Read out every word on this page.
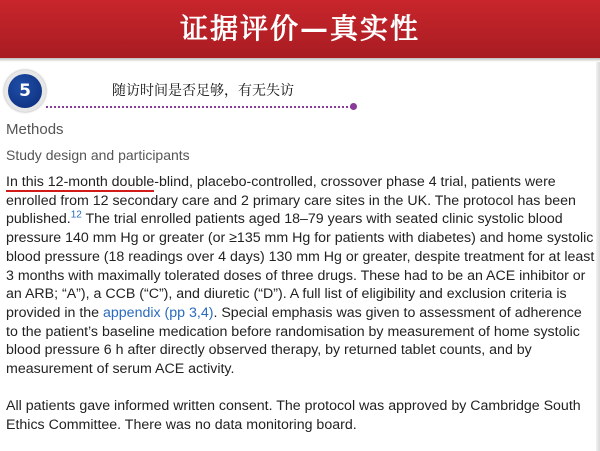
证据评价—真实性
5	随访时间是否足够，有无失访
Methods
Study design and participants

In this 12-month double-blind, placebo-controlled, crossover phase 4 trial, patients were enrolled from 12 secondary care and 2 primary care sites in the UK. The protocol has been published.$^{12}$ The trial enrolled patients aged 18–79 years with seated clinic systolic blood pressure 140 mm Hg or greater (or ≥135 mm Hg for patients with diabetes) and home systolic blood pressure (18 readings over 4 days) 130 mm Hg or greater, despite treatment for at least 3 months with maximally tolerated doses of three drugs. These had to be an ACE inhibitor or an ARB; “A”), a CCB (“C”), and diuretic (“D”). A full list of eligibility and exclusion criteria is provided in the appendix (pp 3,4). Special emphasis was given to assessment of adherence to the patient’s baseline medication before randomisation by measurement of home systolic blood pressure 6 h after directly observed therapy, by returned tablet counts, and by measurement of serum ACE activity.

All patients gave informed written consent. The protocol was approved by Cambridge South Ethics Committee. There was no data monitoring board.
